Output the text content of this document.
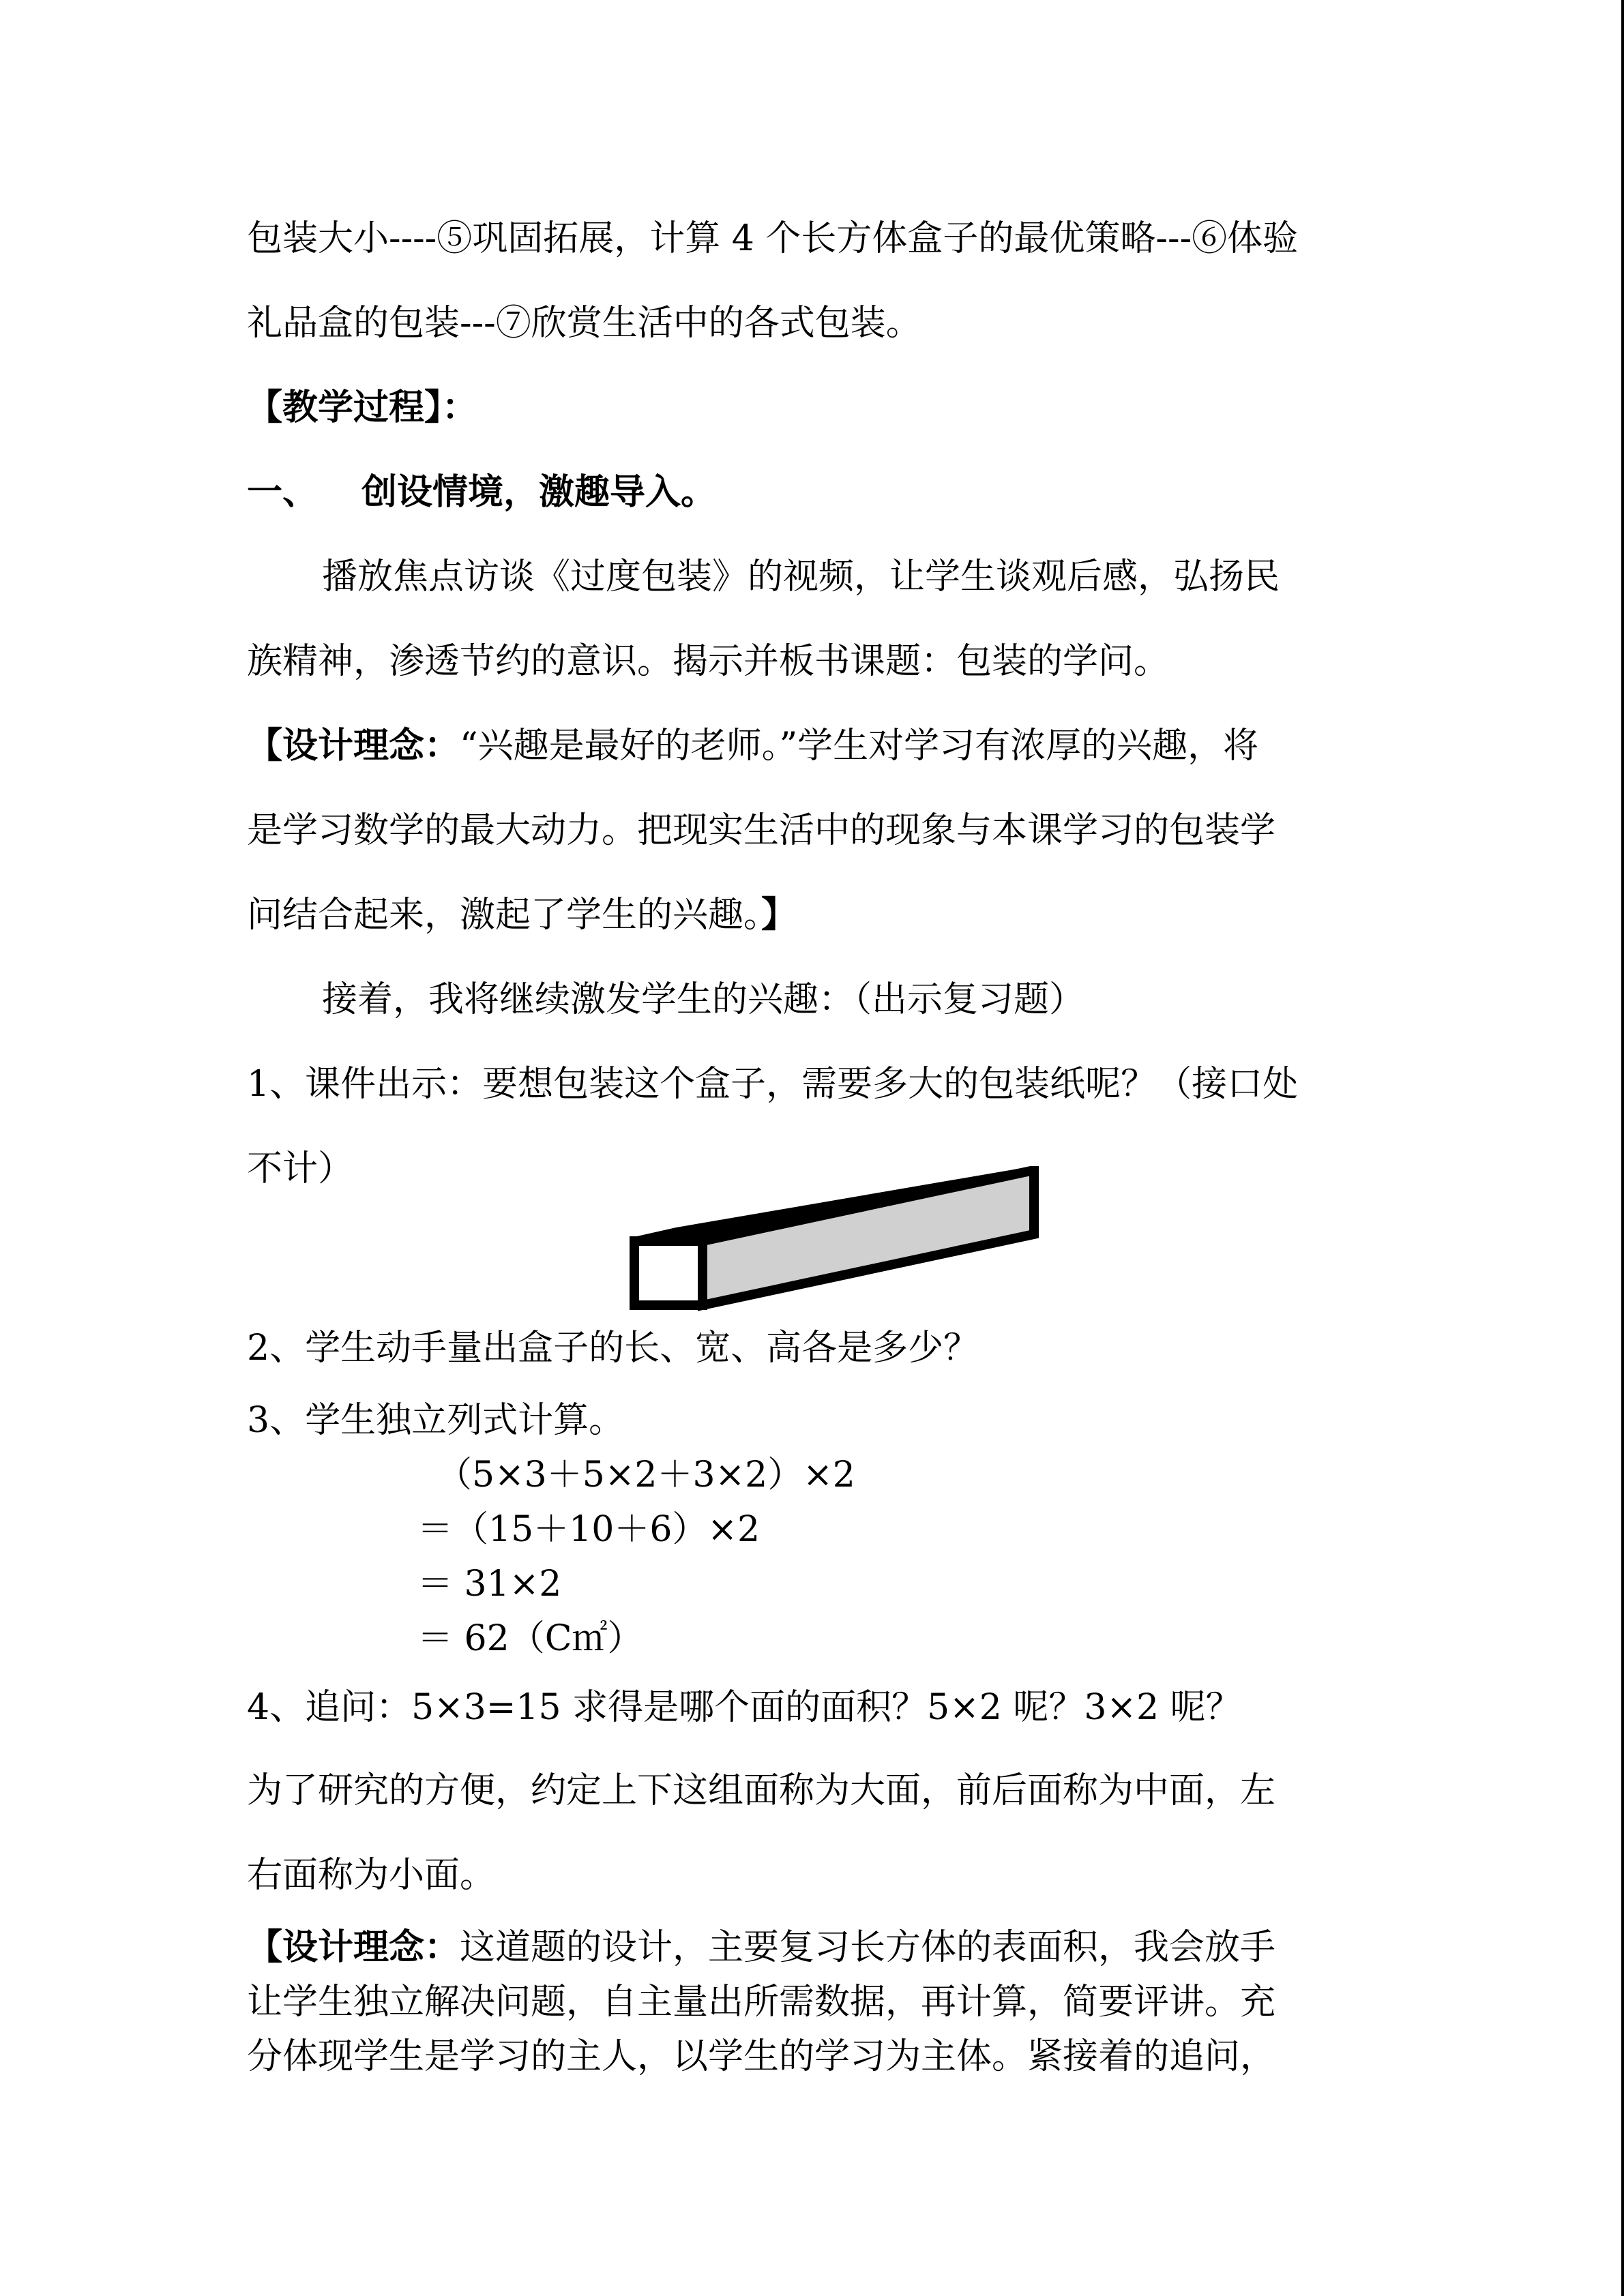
包装大小----⑤巩固拓展，计算 4 个长方体盒子的最优策略---⑥体验
礼品盒的包装---⑦欣赏生活中的各式包装。
【教学过程】：
一、 创设情境，激趣导入。
播放焦点访谈《过度包装》的视频，让学生谈观后感，弘扬民
族精神，渗透节约的意识。揭示并板书课题：包装的学问。
【设计理念：“兴趣是最好的老师。”学生对学习有浓厚的兴趣，将
是学习数学的最大动力。把现实生活中的现象与本课学习的包装学
问结合起来，激起了学生的兴趣。】
接着，我将继续激发学生的兴趣：（出示复习题）
1、课件出示：要想包装这个盒子，需要多大的包装纸呢？（接口处
不计）
2、学生动手量出盒子的长、宽、高各是多少？
3、学生独立列式计算。
（5×3＋5×2＋3×2）×2
＝（15＋10＋6）×2
＝ 31×2
＝ 62（C㎡）
4、追问：5×3=15 求得是哪个面的面积？5×2 呢？3×2 呢？
为了研究的方便，约定上下这组面称为大面，前后面称为中面，左
右面称为小面。
【设计理念：这道题的设计，主要复习长方体的表面积，我会放手
让学生独立解决问题，自主量出所需数据，再计算，简要评讲。充
分体现学生是学习的主人，以学生的学习为主体。紧接着的追问，
